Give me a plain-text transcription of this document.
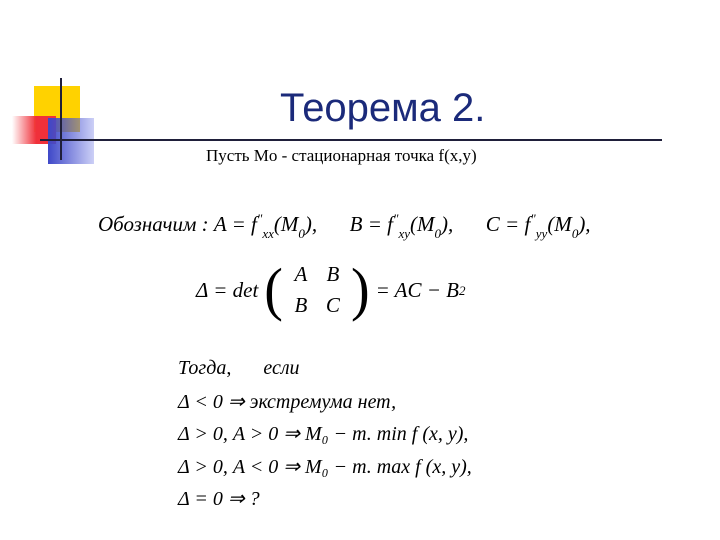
Теорема 2.
Пусть Mo - стационарная точка f(x,y)
Обозначим : $A = f^"_{xx}(M_0)$, $B = f^"_{xy}(M_0)$, $C = f^"_{yy}(M_0)$,
Δ = det ( A B
B C ) = AC − B 2
Тогда, если
Δ < 0 ⇒ экстремума нет,
Δ > 0, A > 0 ⇒ M₀ − т. min f (x, y),
Δ > 0, A < 0 ⇒ M₀ − т. max f (x, y),
Δ = 0 ⇒ ?
